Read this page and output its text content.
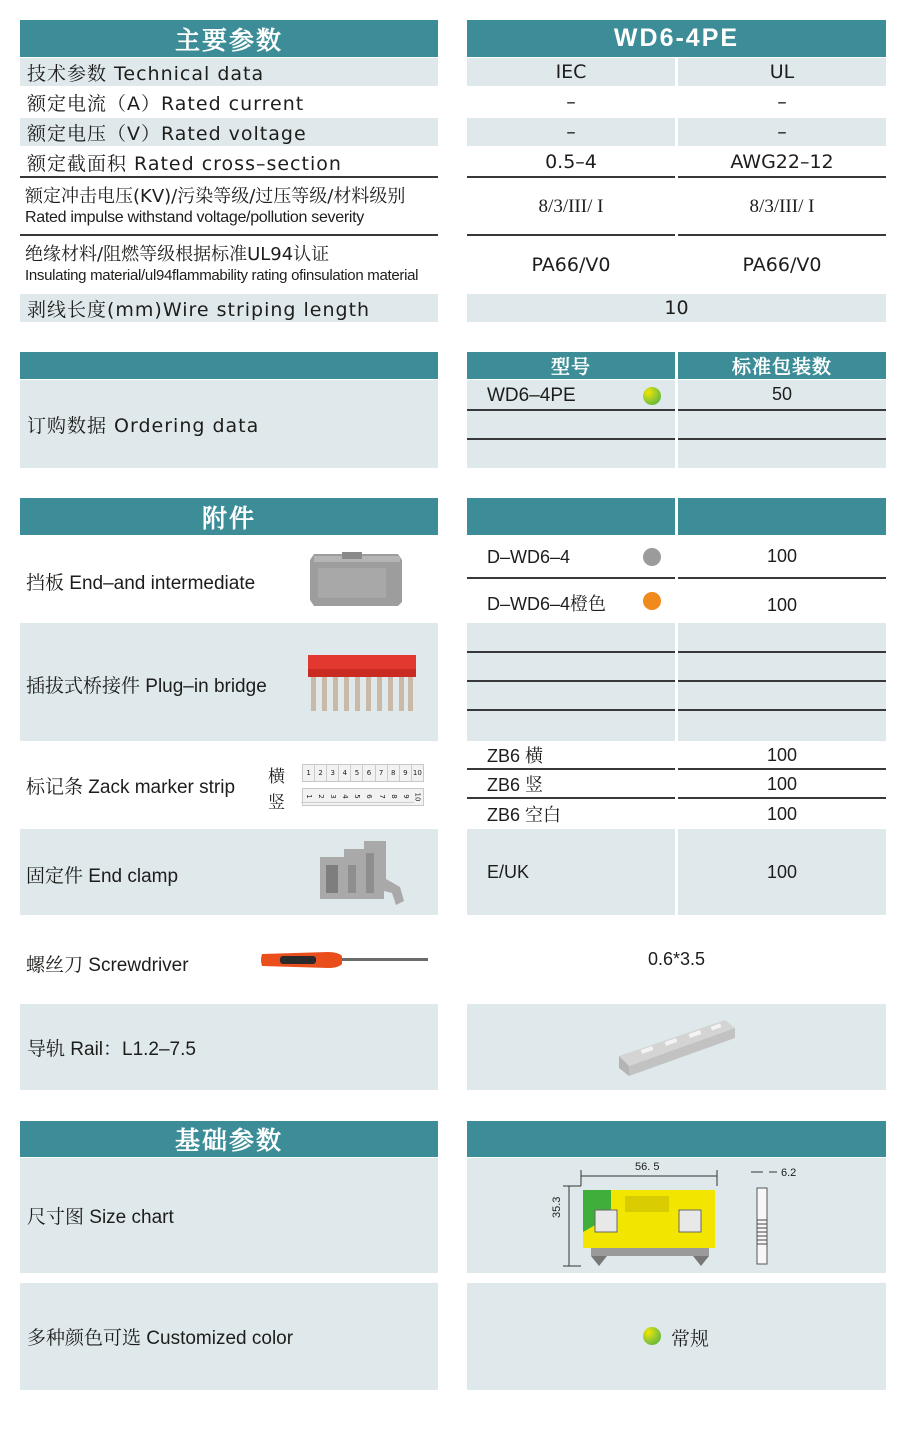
主要参数	WD6-4PE
技术参数 Technical data	IEC	UL
额定电流（A）Rated current	–	–
额定电压（V）Rated voltage	–	–
额定截面积 Rated cross–section	0.5–4	AWG22–12
额定冲击电压(KV)/污染等级/过压等级/材料级别
Rated impulse withstand voltage/pollution severity
8/3/III/ I	8/3/III/ I
绝缘材料/阻燃等级根据标准UL94认证
Insulating material/ul94flammability rating ofinsulation material	PA66/V0	PA66/V0
剥线长度(mm)Wire striping length	10
订购数据 Ordering data
型号	标准包装数
WD6–4PE	50
附件
挡板 End–and intermediate
D–WD6–4	100
D–WD6–4橙色	100
插拔式桥接件 Plug–in bridge
标记条 Zack marker strip 横
竖
1	2	3	4	5	6	7	8	9 10
1 2 3 4 5 6 7 8 9 10
ZB6 横	100
ZB6 竖	100
ZB6 空白	100
固定件 End clamp	E/UK	100
螺丝刀 Screwdriver	0.6*3.5
导轨 Rail：L1.2–7.5
基础参数
尺寸图 Size chart
56. 5
35.3
6.2
多种颜色可选 Customized color	常规
